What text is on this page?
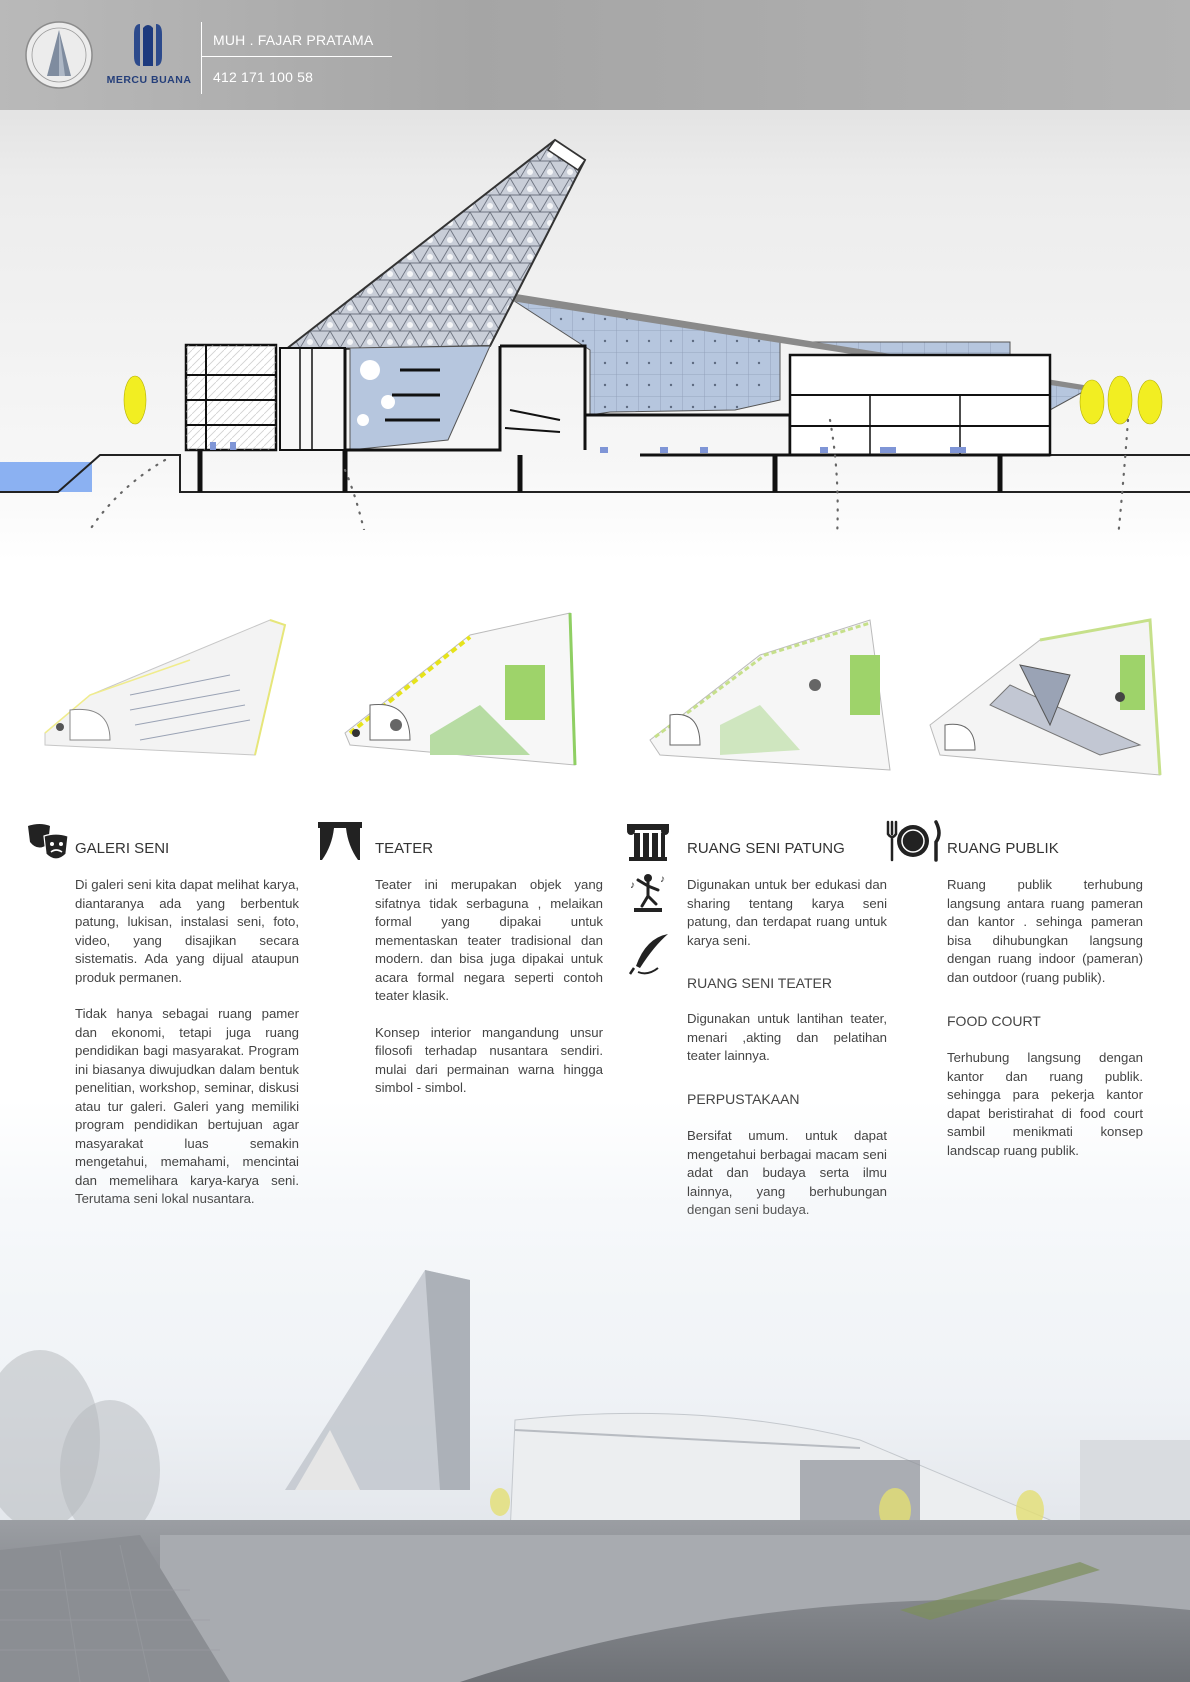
MERCU BUANA
MUH . FAJAR PRATAMA
412 171 100 58
GALERI SENI

Di galeri seni kita dapat melihat karya, diantaranya ada yang berbentuk patung, lukisan, instalasi seni, foto, video, yang disajikan secara sistematis. Ada yang dijual ataupun produk permanen.

Tidak hanya sebagai ruang pamer dan ekonomi, tetapi juga ruang pendidikan bagi masyarakat. Program ini biasanya diwujudkan dalam bentuk penelitian, workshop, seminar, diskusi atau tur galeri. Galeri yang memiliki program pendidikan bertujuan agar masyarakat luas semakin mengetahui, memahami, mencintai dan memelihara karya-karya seni.

TEATER

Teater ini merupakan objek yang sifatnya tidak serbaguna , melaikan formal yang dipakai untuk mementaskan teater tradisional dan modern. dan bisa juga dipakai untuk acara formal negara seperti contoh teater klasik.

Konsep interior mangandung unsur filosofi terhadap nusantara sendiri. mulai dari permainan warna hingga simbol - simbol.

RUANG SENI PATUNG
Digunakan untuk ber edukasi dan sharing tentang karya seni patung, dan terdapat ruang untuk karya seni.
♪
♪
RUANG SENI TEATER
Digunakan untuk lantihan teater, menari ,akting dan pelatihan teater lainnya.
PERPUSTAKAAN
Bersifat umum. untuk dapat mengetahui berbagai macam seni adat dan budaya serta ilmu
RUANG PUBLIK
Ruang publik terhubung langsung antara ruang pameran dan kantor . sehinga pameran bisa dihubungkan langsung dengan ruang indoor (pameran) dan outdoor (ruang publik).
FOOD COURT
Terhubung langsung dengan kantor dan ruang publik. sehingga para pekerja kantor dapat beristirahat di food court sambil menikmati konsep landscap ruang publik.
